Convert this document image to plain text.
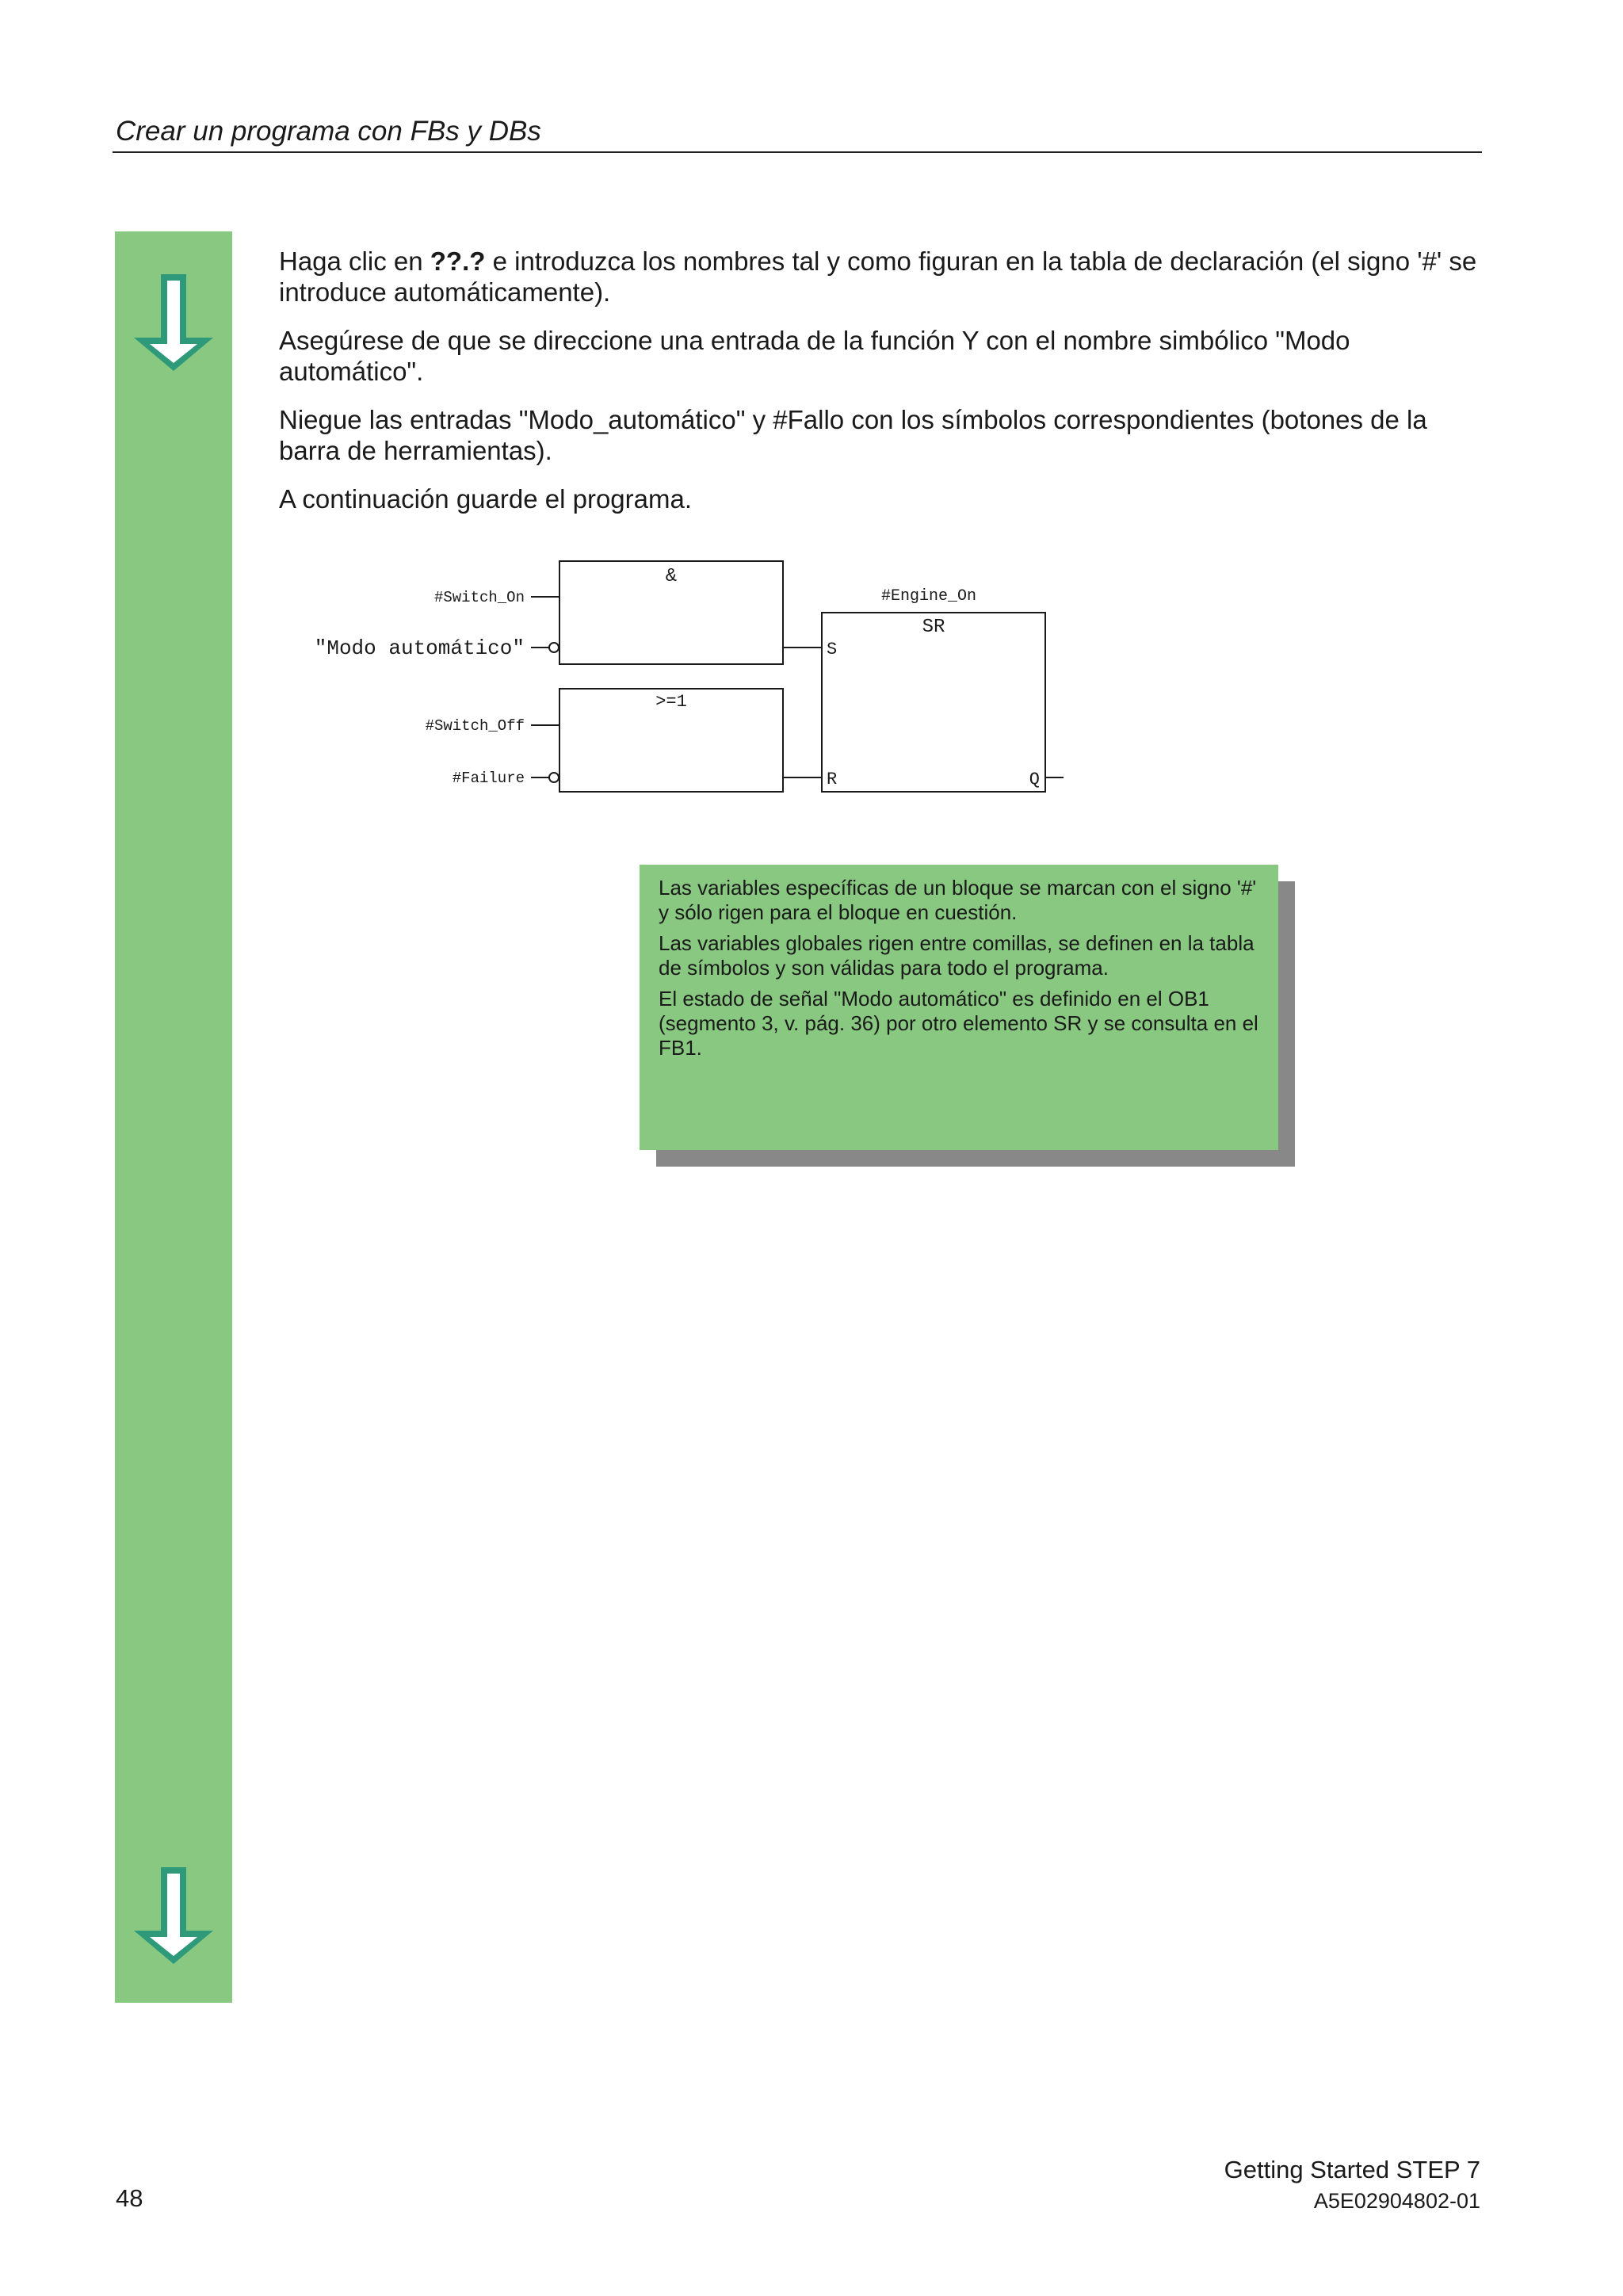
Crear un programa con FBs y DBs

Haga clic en ??.? e introduzca los nombres tal y como figuran en la tabla de declaración (el signo '#' se introduce automáticamente).

Asegúrese de que se direccione una entrada de la función Y con el nombre simbólico "Modo automático".

Niegue las entradas "Modo_automático" y #Fallo con los símbolos correspondientes (botones de la barra de herramientas).

A continuación guarde el programa.

&
>=1
SR
#Engine_On
#Switch_On
"Modo automático"
#Switch_Off
#Failure
S
R	Q

Las variables específicas de un bloque se marcan con el signo '#' y sólo rigen para el bloque en cuestión.

Las variables globales rigen entre comillas, se definen en la tabla de símbolos y son válidas para todo el programa.

El estado de señal "Modo automático" es definido en el OB1 (segmento 3, v. pág. 36) por otro elemento SR y se consulta en el FB1.

48
Getting Started STEP 7
A5E02904802-01
